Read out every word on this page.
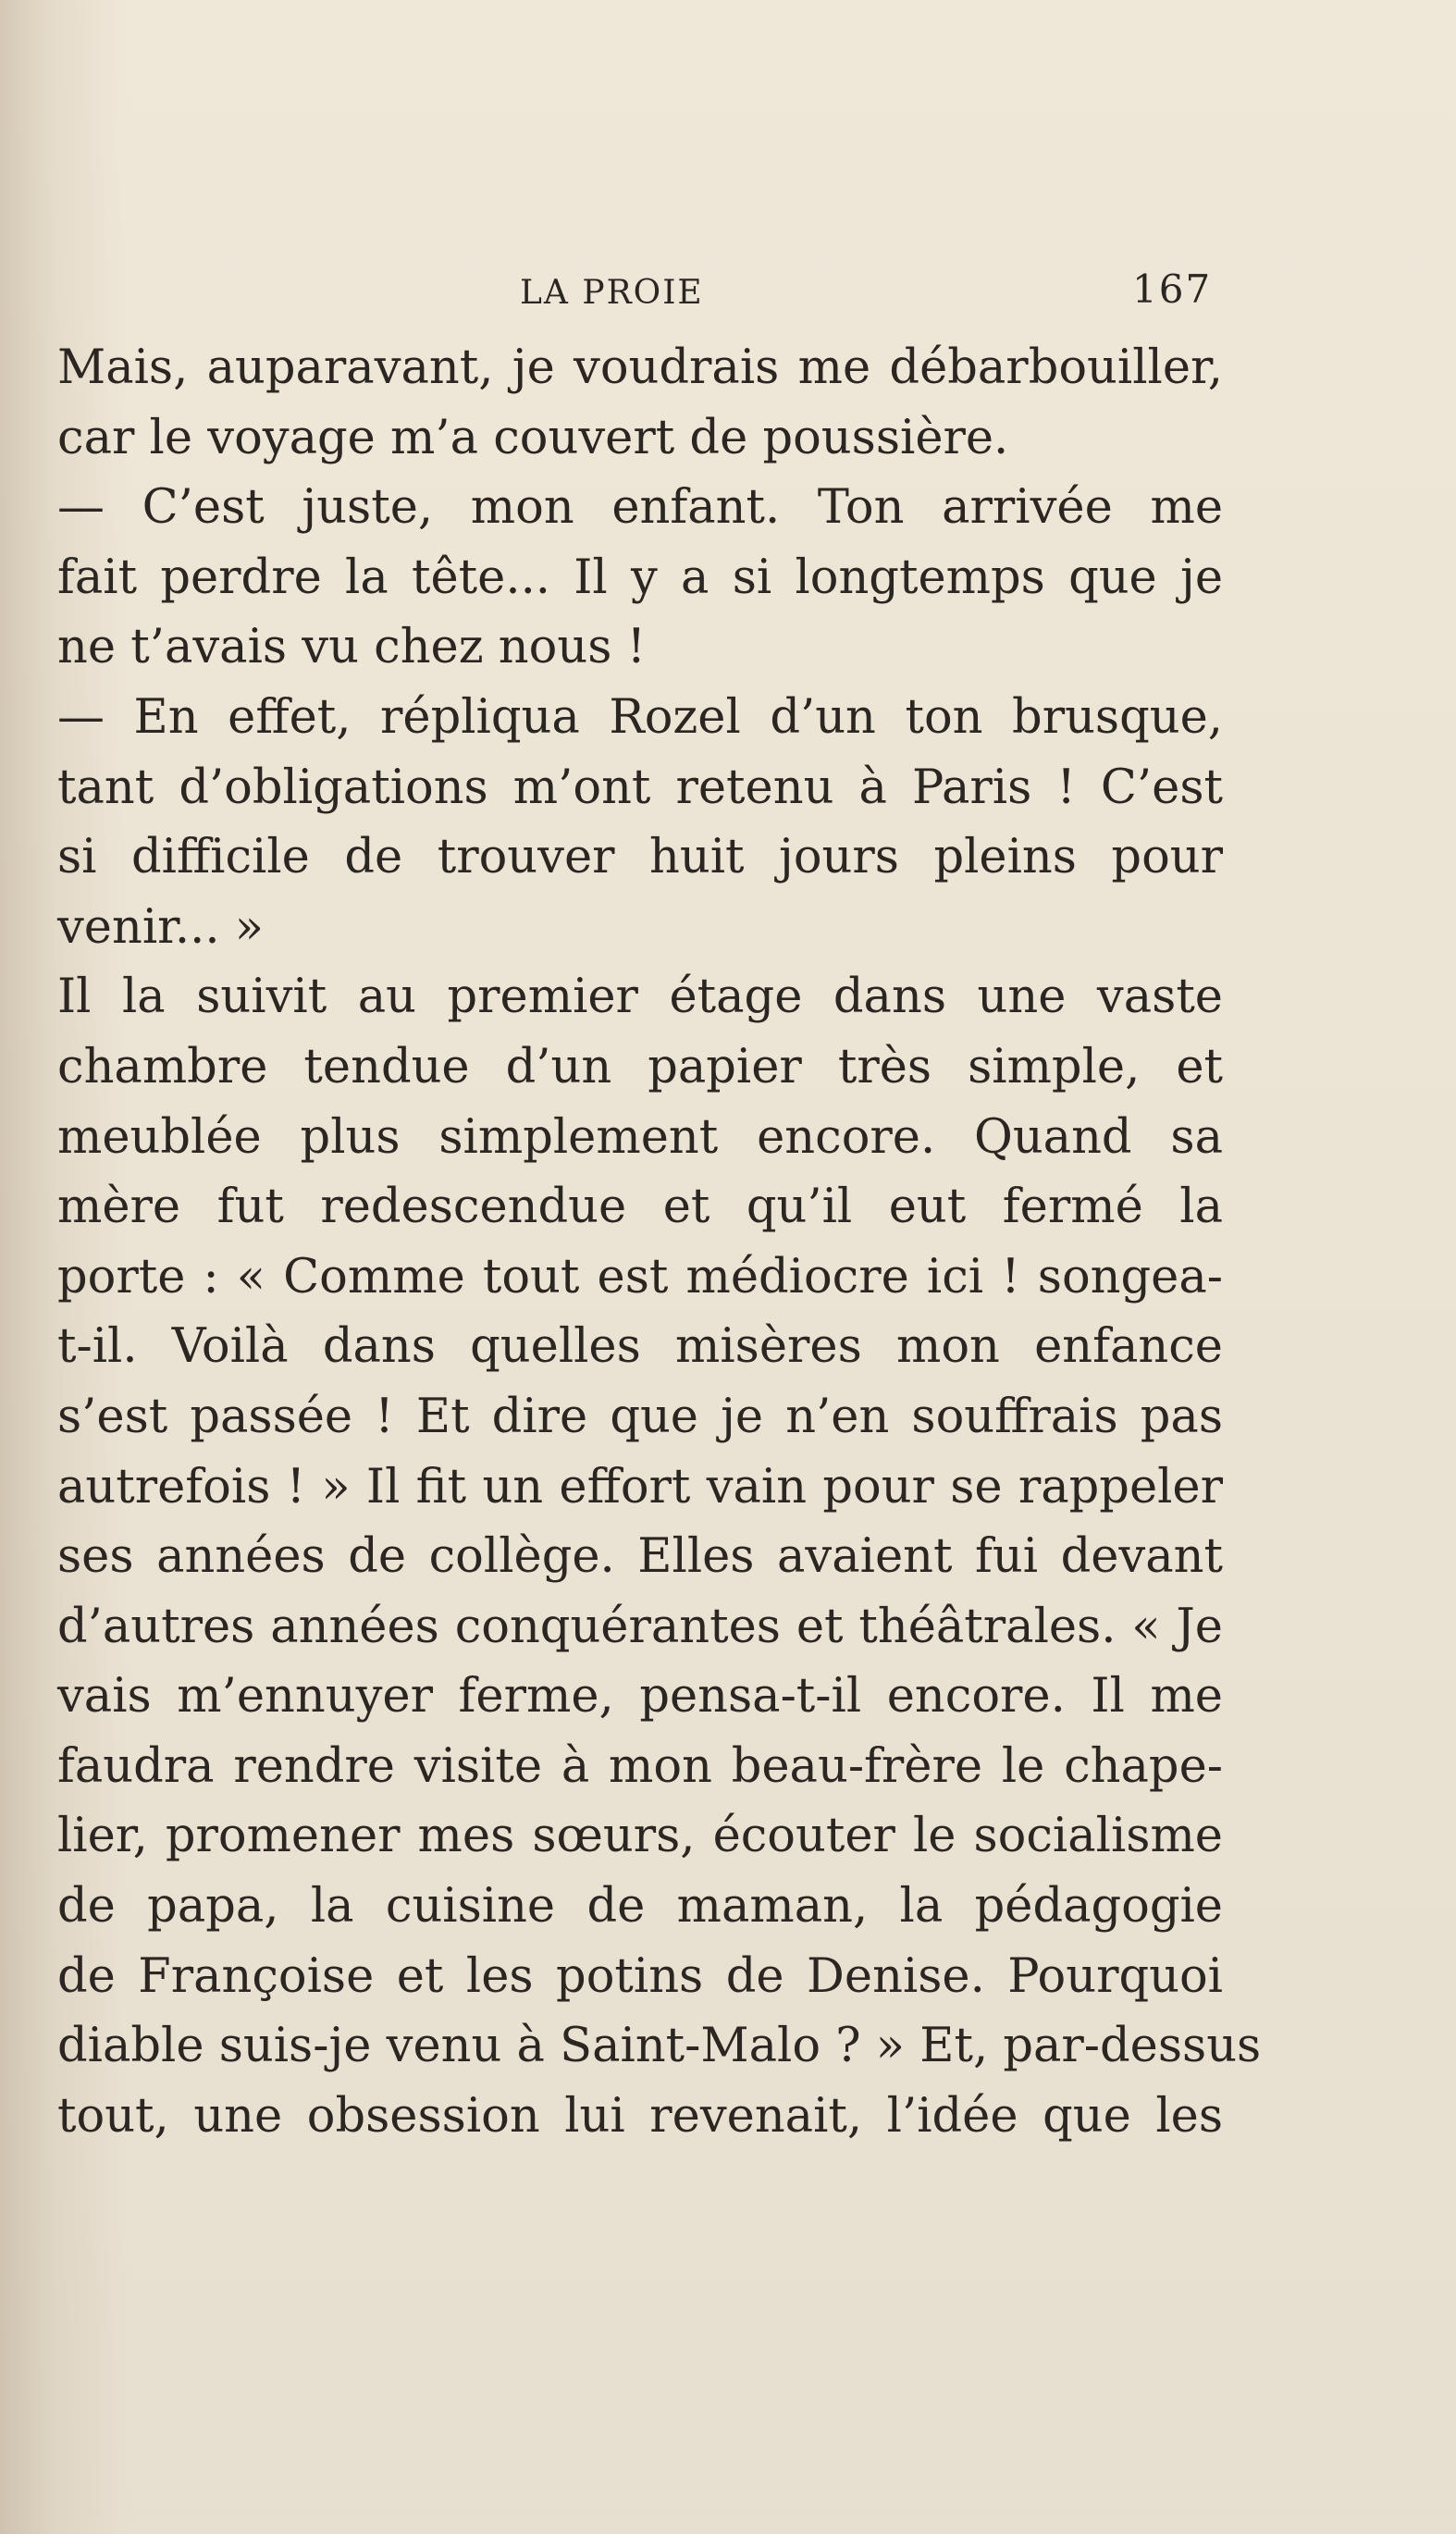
LA PROIE	167
Mais, auparavant, je voudrais me débarbouiller,
car le voyage m’a couvert de poussière.
— C’est juste, mon enfant. Ton arrivée me
fait perdre la tête... Il y a si longtemps que je
ne t’avais vu chez nous !
— En effet, répliqua Rozel d’un ton brusque,
tant d’obligations m’ont retenu à Paris ! C’est
si difficile de trouver huit jours pleins pour
venir... »
Il la suivit au premier étage dans une vaste
chambre tendue d’un papier très simple, et
meublée plus simplement encore. Quand sa
mère fut redescendue et qu’il eut fermé la
porte : « Comme tout est médiocre ici ! songea-
t-il. Voilà dans quelles misères mon enfance
s’est passée ! Et dire que je n’en souffrais pas
autrefois ! » Il fit un effort vain pour se rappeler
ses années de collège. Elles avaient fui devant
d’autres années conquérantes et théâtrales. « Je
vais m’ennuyer ferme, pensa-t-il encore. Il me
faudra rendre visite à mon beau-frère le chape-
lier, promener mes sœurs, écouter le socialisme
de papa, la cuisine de maman, la pédagogie
de Françoise et les potins de Denise. Pourquoi
diable suis-je venu à Saint-Malo ? » Et, par-dessus
tout, une obsession lui revenait, l’idée que les
